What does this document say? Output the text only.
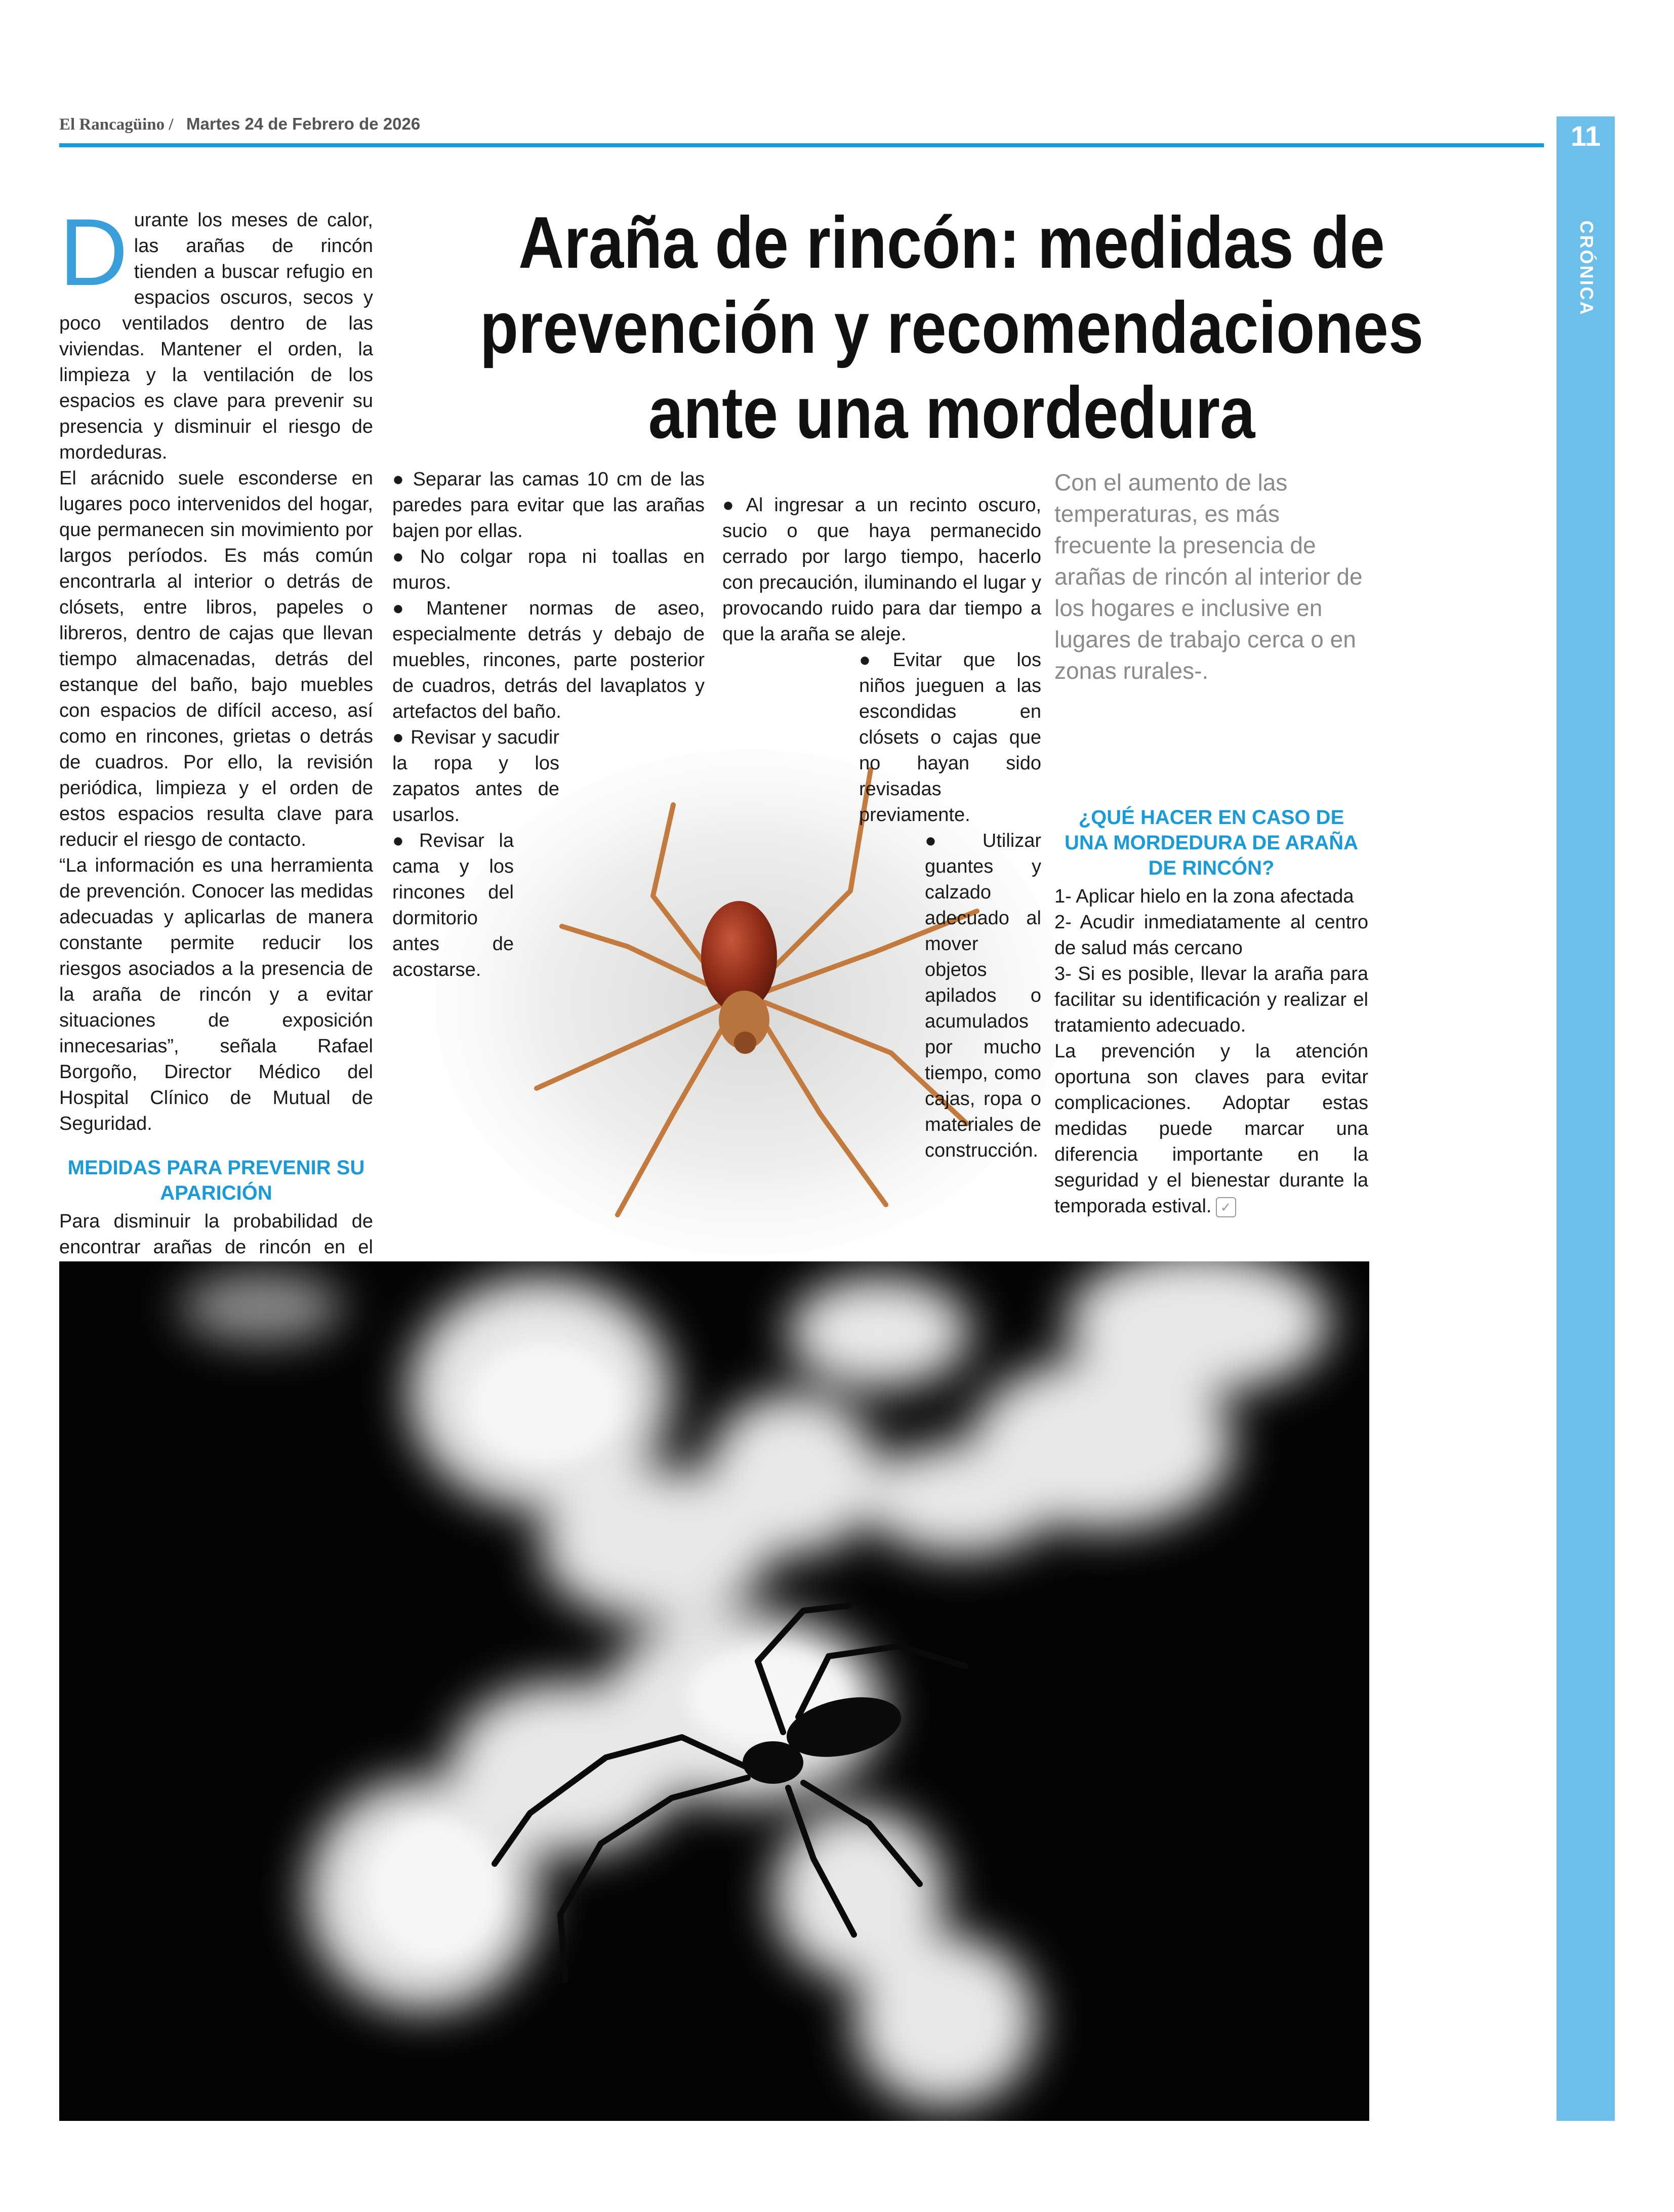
El Rancagüino / Martes 24 de Febrero de 2026	11
CRÓNICA
Araña de rincón: medidas de
prevención y recomendaciones
ante una mordedura

Durante los meses de calor, las arañas de rincón tienden a buscar refugio en espacios oscuros, secos y poco ventilados dentro de las viviendas. Mantener el orden, la limpieza y la ventilación de los espacios es clave para prevenir su presencia y disminuir el riesgo de mordeduras.

El arácnido suele esconderse en lugares poco intervenidos del hogar, que permanecen sin movimiento por largos períodos. Es más común encontrarla al interior o detrás de clósets, entre libros, papeles o libreros, dentro de cajas que llevan tiempo almacenadas, detrás del estanque del baño, bajo muebles con espacios de difícil acceso, así como en rincones, grietas o detrás de cuadros. Por ello, la revisión periódica, limpieza y el orden de estos espacios resulta clave para reducir el riesgo de contacto.

“La información es una herramienta de prevención. Conocer las medidas adecuadas y aplicarlas de manera constante permite reducir los riesgos asociados a la presencia de la araña de rincón y a evitar situaciones de exposición innecesarias”, señala Rafael Borgoño, Director Médico del Hospital Clínico de Mutual de Seguridad.

MEDIDAS PARA PREVENIR SU APARICIÓN

Para disminuir la probabilidad de encontrar arañas de rincón en el

● Separar las camas 10 cm de las paredes para evitar que las arañas bajen por ellas.

● No colgar ropa ni toallas en muros.

● Mantener normas de aseo, especialmente detrás y debajo de muebles, rincones, parte posterior de cuadros, detrás del lavaplatos y artefactos del baño.

● Revisar y sacudir la ropa y los zapatos antes de usarlos.

● Revisar la cama y los rincones del dormitorio antes de acostarse.

● Al ingresar a un recinto oscuro, sucio o que haya permanecido cerrado por largo tiempo, hacerlo con precaución, iluminando el lugar y provocando ruido para dar tiempo a que la araña se aleje.

● Evitar que los niños jueguen a las escondidas en clósets o cajas que no hayan sido revisadas previamente.

● Utilizar guantes y calzado adecuado al mover objetos apilados o acumulados por mucho tiempo, como cajas, ropa o materiales de construcción.

Con el aumento de las temperaturas, es más frecuente la presencia de arañas de rincón al interior de los hogares e inclusive en lugares de trabajo cerca o en zonas rurales-.
¿QUÉ HACER EN CASO DE UNA MORDEDURA DE ARAÑA DE RINCÓN?

1- Aplicar hielo en la zona afectada

2- Acudir inmediatamente al centro de salud más cercano

3- Si es posible, llevar la araña para facilitar su identificación y realizar el tratamiento adecuado.

La prevención y la atención oportuna son claves para evitar complicaciones. Adoptar estas medidas puede marcar una diferencia importante en la seguridad y el bienestar durante la temporada estival. ✓
